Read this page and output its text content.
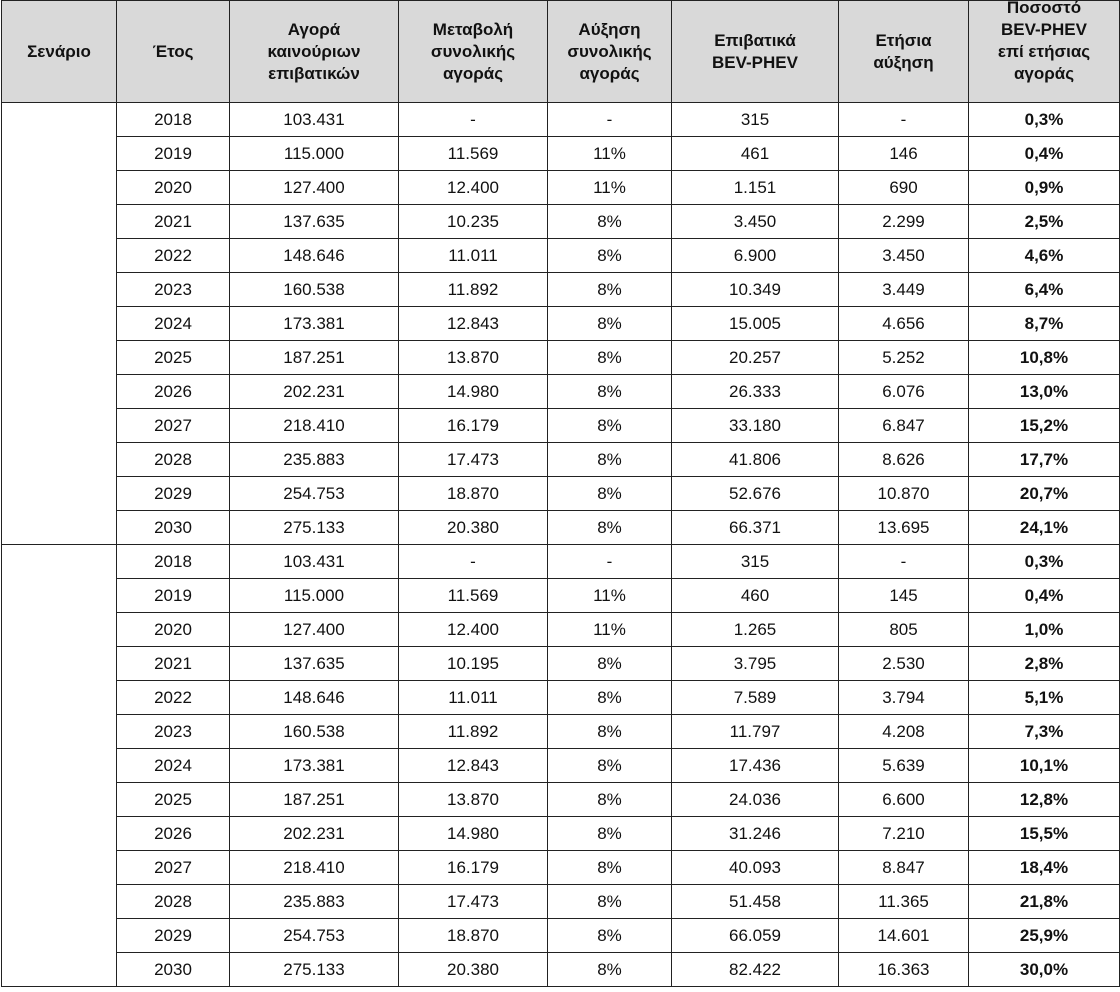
Σενάριο	Έτος	Αγορά
καινούριων
επιβατικών	Μεταβολή
συνολικής
αγοράς	Αύξηση
συνολικής
αγοράς	Επιβατικά
BEV-PHEV	Ετήσια
αύξηση	Ποσοστό
BEV-PHEV
επί ετήσιας
αγοράς

	2018	103.431	-	-	315	-	0,3%
	2019	115.000	11.569	11%	461	146	0,4%
	2020	127.400	12.400	11%	1.151	690	0,9%
	2021	137.635	10.235	8%	3.450	2.299	2,5%
	2022	148.646	11.011	8%	6.900	3.450	4,6%
	2023	160.538	11.892	8%	10.349	3.449	6,4%
	2024	173.381	12.843	8%	15.005	4.656	8,7%
	2025	187.251	13.870	8%	20.257	5.252	10,8%
	2026	202.231	14.980	8%	26.333	6.076	13,0%
	2027	218.410	16.179	8%	33.180	6.847	15,2%
	2028	235.883	17.473	8%	41.806	8.626	17,7%
	2029	254.753	18.870	8%	52.676	10.870	20,7%
	2030	275.133	20.380	8%	66.371	13.695	24,1%
	2018	103.431	-	-	315	-	0,3%
	2019	115.000	11.569	11%	460	145	0,4%
	2020	127.400	12.400	11%	1.265	805	1,0%
	2021	137.635	10.195	8%	3.795	2.530	2,8%
	2022	148.646	11.011	8%	7.589	3.794	5,1%
	2023	160.538	11.892	8%	11.797	4.208	7,3%
	2024	173.381	12.843	8%	17.436	5.639	10,1%
	2025	187.251	13.870	8%	24.036	6.600	12,8%
	2026	202.231	14.980	8%	31.246	7.210	15,5%
	2027	218.410	16.179	8%	40.093	8.847	18,4%
	2028	235.883	17.473	8%	51.458	11.365	21,8%
	2029	254.753	18.870	8%	66.059	14.601	25,9%
	2030	275.133	20.380	8%	82.422	16.363	30,0%
